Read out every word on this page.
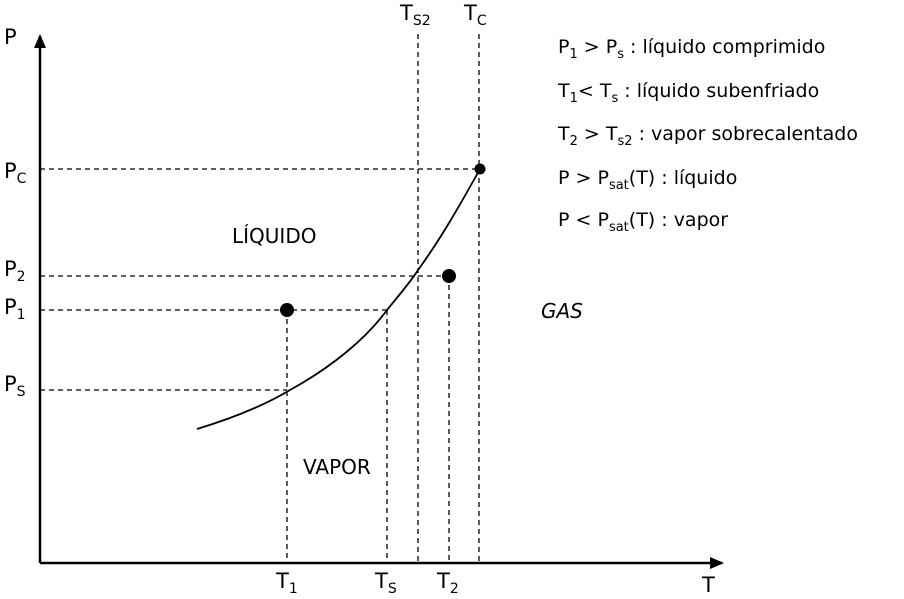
P
T
$P_C$
$P_2$
$P_1$
$P_S$
$T_1$	$T_S$ $T_2$
$T_{S2}$ $T_C$
LÍQUIDO
VAPOR
GAS
$P_1 > P_s$ : líquido comprimido
$T_1< T_s$ : líquido subenfriado
$T_2 > T_{s2}$ : vapor sobrecalentado
$P > P_{sat}(T)$ : líquido
$P < P_{sat}(T)$ : vapor
